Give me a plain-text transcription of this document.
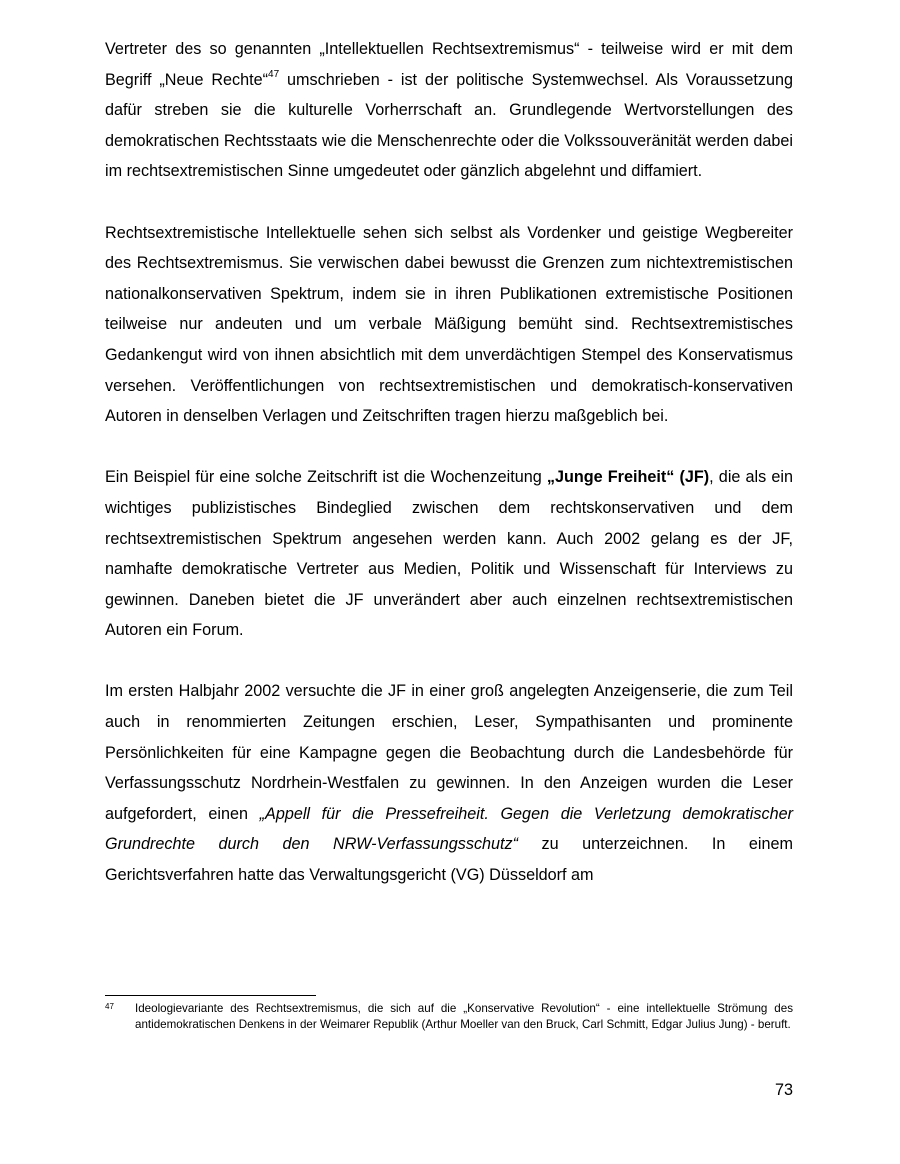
Vertreter des so genannten „Intellektuellen Rechtsextremismus“ - teilweise wird er mit dem Begriff „Neue Rechte“$^{47}$ umschrieben - ist der politische Systemwechsel. Als Voraussetzung dafür streben sie die kulturelle Vorherrschaft an. Grundlegende Wertvorstellungen des demokratischen Rechtsstaats wie die Menschenrechte oder die Volkssouveränität werden dabei im rechtsextremistischen Sinne umgedeutet oder gänzlich abgelehnt und diffamiert.

Rechtsextremistische Intellektuelle sehen sich selbst als Vordenker und geistige Wegbereiter des Rechtsextremismus. Sie verwischen dabei bewusst die Grenzen zum nichtextremistischen nationalkonservativen Spektrum, indem sie in ihren Publikationen extremistische Positionen teilweise nur andeuten und um verbale Mäßigung bemüht sind. Rechtsextremistisches Gedankengut wird von ihnen absichtlich mit dem unverdächtigen Stempel des Konservatismus versehen. Veröffentlichungen von rechtsextremistischen und demokratisch-konservativen Autoren in denselben Verlagen und Zeitschriften tragen hierzu maßgeblich bei.

Ein Beispiel für eine solche Zeitschrift ist die Wochenzeitung „Junge Freiheit“ (JF), die als ein wichtiges publizistisches Bindeglied zwischen dem rechtskonservativen und dem rechtsextremistischen Spektrum angesehen werden kann. Auch 2002 gelang es der JF, namhafte demokratische Vertreter aus Medien, Politik und Wissenschaft für Interviews zu gewinnen. Daneben bietet die JF unverändert aber auch einzelnen rechtsextremistischen Autoren ein Forum.

Im ersten Halbjahr 2002 versuchte die JF in einer groß angelegten Anzeigenserie, die zum Teil auch in renommierten Zeitungen erschien, Leser, Sympathisanten und prominente Persönlichkeiten für eine Kampagne gegen die Beobachtung durch die Landesbehörde für Verfassungsschutz Nordrhein-Westfalen zu gewinnen. In den Anzeigen wurden die Leser aufgefordert, einen „Appell für die Pressefreiheit. Gegen die Verletzung demokratischer Grundrechte durch den NRW-Verfassungsschutz“ zu unterzeichnen. In einem Gerichtsverfahren hatte das Verwaltungsgericht (VG) Düsseldorf am

47	Ideologievariante des Rechtsextremismus, die sich auf die „Konservative Revolution“ - eine intellektuelle Strömung des antidemokratischen Denkens in der Weimarer Republik (Arthur Moeller van den Bruck, Carl Schmitt, Edgar Julius Jung) - beruft.
73
